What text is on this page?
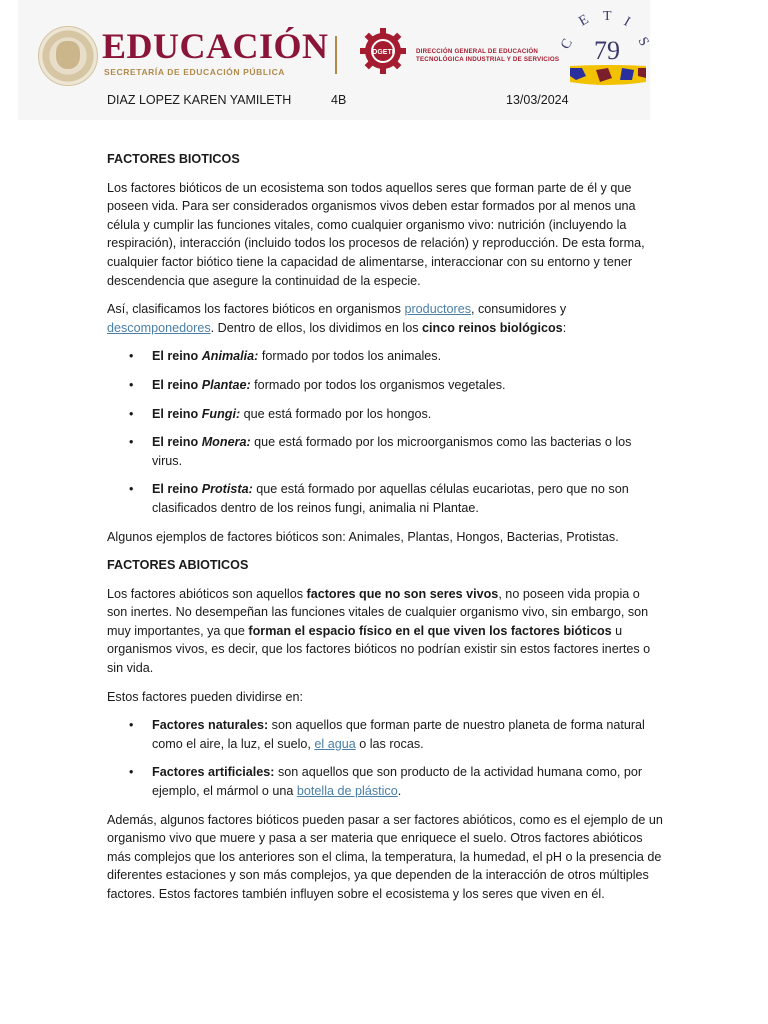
EDUCACIÓN
SECRETARÍA DE EDUCACIÓN PÚBLICA
DGETI	DIRECCIÓN GENERAL DE EDUCACIÓN
TECNOLÓGICA INDUSTRIAL Y DE SERVICIOS
C
E T I
S
79
DIAZ LOPEZ KAREN YAMILETH	4B	13/03/2024
FACTORES BIOTICOS

Los factores bióticos de un ecosistema son todos aquellos seres que forman parte de él y que poseen vida. Para ser considerados organismos vivos deben estar formados por al menos una célula y cumplir las funciones vitales, como cualquier organismo vivo: nutrición (incluyendo la respiración), interacción (incluido todos los procesos de relación) y reproducción. De esta forma, cualquier factor biótico tiene la capacidad de alimentarse, interaccionar con su entorno y tener descendencia que asegure la continuidad de la especie.

Así, clasificamos los factores bióticos en organismos productores, consumidores y descomponedores. Dentro de ellos, los dividimos en los cinco reinos biológicos:

• El reino Animalia: formado por todos los animales.
• El reino Plantae: formado por todos los organismos vegetales.
• El reino Fungi: que está formado por los hongos.
• El reino Monera: que está formado por los microorganismos como las bacterias o los virus.
• El reino Protista: que está formado por aquellas células eucariotas, pero que no son clasificados dentro de los reinos fungi, animalia ni Plantae.

Algunos ejemplos de factores bióticos son: Animales, Plantas, Hongos, Bacterias, Protistas.

FACTORES ABIOTICOS

Los factores abióticos son aquellos factores que no son seres vivos, no poseen vida propia o son inertes. No desempeñan las funciones vitales de cualquier organismo vivo, sin embargo, son muy importantes, ya que forman el espacio físico en el que viven los factores bióticos u organismos vivos, es decir, que los factores bióticos no podrían existir sin estos factores inertes o sin vida.

Estos factores pueden dividirse en:

• Factores naturales: son aquellos que forman parte de nuestro planeta de forma natural como el aire, la luz, el suelo, el agua o las rocas.
• Factores artificiales: son aquellos que son producto de la actividad humana como, por ejemplo, el mármol o una botella de plástico.

Además, algunos factores bióticos pueden pasar a ser factores abióticos, como es el ejemplo de un organismo vivo que muere y pasa a ser materia que enriquece el suelo. Otros factores abióticos más complejos que los anteriores son el clima, la temperatura, la humedad, el pH o la presencia de diferentes estaciones y son más complejos, ya que dependen de la interacción de otros múltiples factores. Estos factores también influyen sobre el ecosistema y los seres que viven en él.
